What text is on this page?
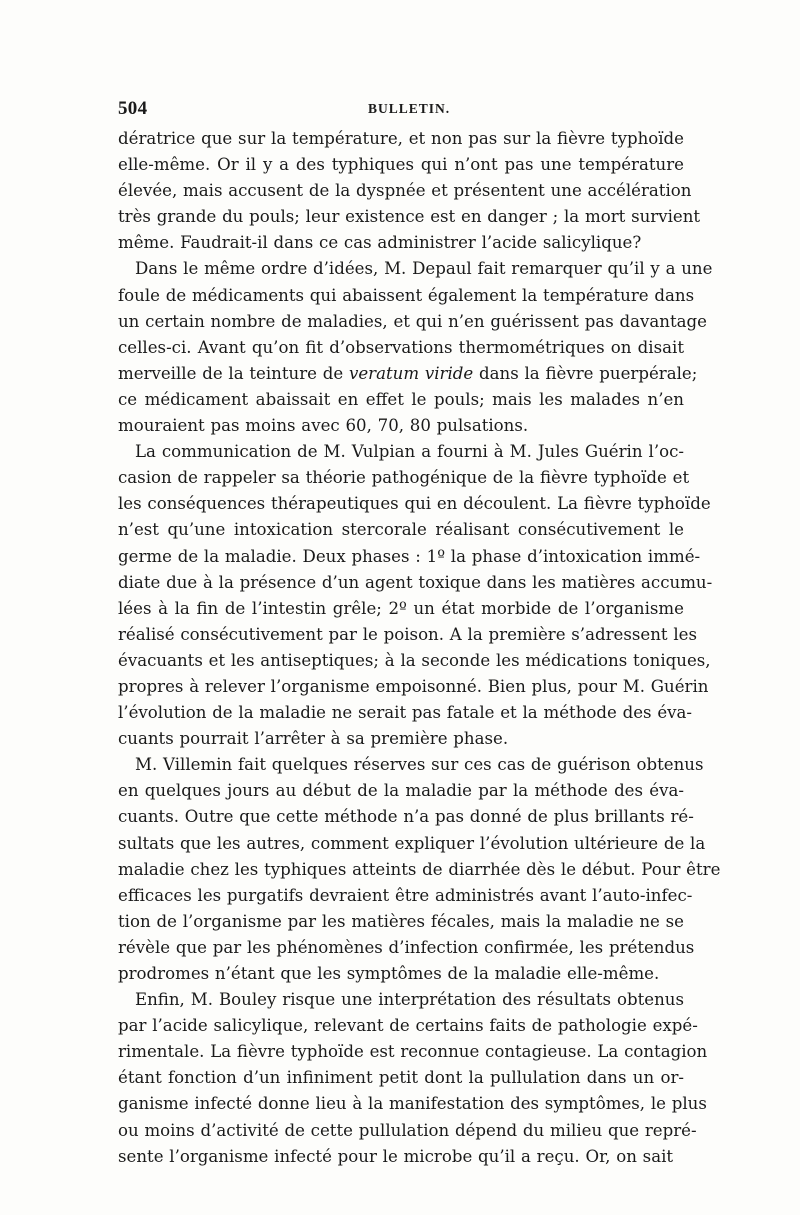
504	BULLETIN.
dératrice que sur la température, et non pas sur la fièvre typhoïde
elle-même. Or il y a des typhiques qui n’ont pas une température
élevée, mais accusent de la dyspnée et présentent une accélération
très grande du pouls; leur existence est en danger ; la mort survient
même. Faudrait-il dans ce cas administrer l’acide salicylique?
Dans le même ordre d’idées, M. Depaul fait remarquer qu’il y a une
foule de médicaments qui abaissent également la température dans
un certain nombre de maladies, et qui n’en guérissent pas davantage
celles-ci. Avant qu’on fit d’observations thermométriques on disait
merveille de la teinture de veratum viride dans la fièvre puerpérale;
ce médicament abaissait en effet le pouls; mais les malades n’en
mouraient pas moins avec 60, 70, 80 pulsations.
La communication de M. Vulpian a fourni à M. Jules Guérin l’oc-
casion de rappeler sa théorie pathogénique de la fièvre typhoïde et
les conséquences thérapeutiques qui en découlent. La fièvre typhoïde
n’est qu’une intoxication stercorale réalisant consécutivement le
germe de la maladie. Deux phases : 1º la phase d’intoxication immé-
diate due à la présence d’un agent toxique dans les matières accumu-
lées à la fin de l’intestin grêle; 2º un état morbide de l’organisme
réalisé consécutivement par le poison. A la première s’adressent les
évacuants et les antiseptiques; à la seconde les médications toniques,
propres à relever l’organisme empoisonné. Bien plus, pour M. Guérin
l’évolution de la maladie ne serait pas fatale et la méthode des éva-
cuants pourrait l’arrêter à sa première phase.
M. Villemin fait quelques réserves sur ces cas de guérison obtenus
en quelques jours au début de la maladie par la méthode des éva-
cuants. Outre que cette méthode n’a pas donné de plus brillants ré-
sultats que les autres, comment expliquer l’évolution ultérieure de la
maladie chez les typhiques atteints de diarrhée dès le début. Pour être
efficaces les purgatifs devraient être administrés avant l’auto-infec-
tion de l’organisme par les matières fécales, mais la maladie ne se
révèle que par les phénomènes d’infection confirmée, les prétendus
prodromes n’étant que les symptômes de la maladie elle-même.
Enfin, M. Bouley risque une interprétation des résultats obtenus
par l’acide salicylique, relevant de certains faits de pathologie expé-
rimentale. La fièvre typhoïde est reconnue contagieuse. La contagion
étant fonction d’un infiniment petit dont la pullulation dans un or-
ganisme infecté donne lieu à la manifestation des symptômes, le plus
ou moins d’activité de cette pullulation dépend du milieu que repré-
sente l’organisme infecté pour le microbe qu’il a reçu. Or, on sait
